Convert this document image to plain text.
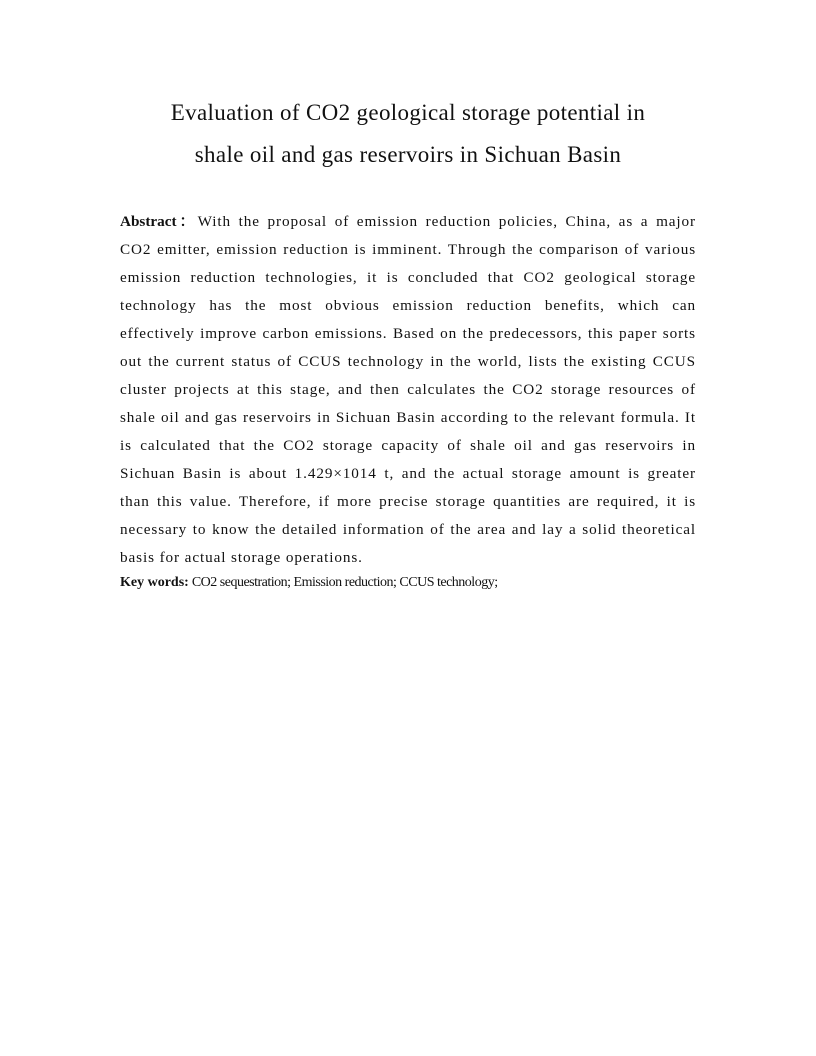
Evaluation of CO2 geological storage potential in
shale oil and gas reservoirs in Sichuan Basin

Abstract：With the proposal of emission reduction policies, China, as a major CO2 emitter, emission reduction is imminent. Through the comparison of various emission reduction technologies, it is concluded that CO2 geological storage technology has the most obvious emission reduction benefits, which can effectively improve carbon emissions. Based on the predecessors, this paper sorts out the current status of CCUS technology in the world, lists the existing CCUS cluster projects at this stage, and then calculates the CO2 storage resources of shale oil and gas reservoirs in Sichuan Basin according to the relevant formula. It is calculated that the CO2 storage capacity of shale oil and gas reservoirs in Sichuan Basin is about 1.429×1014 t, and the actual storage amount is greater than this value. Therefore, if more precise storage quantities are required, it is necessary to know the detailed information of the area and lay a solid theoretical basis for actual storage operations.

Key words: CO2 sequestration; Emission reduction; CCUS technology;
